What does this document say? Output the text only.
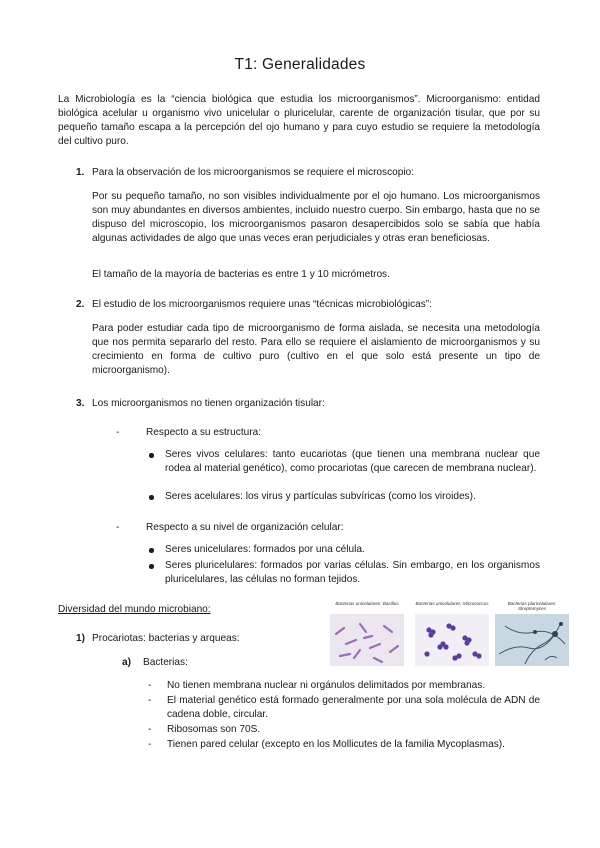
T1: Generalidades

La Microbiología es la “ciencia biológica que estudia los microorganismos”. Microorganismo: entidad biológica acelular u organismo vivo unicelular o pluricelular, carente de organización tisular, que por su pequeño tamaño escapa a la percepción del ojo humano y para cuyo estudio se requiere la metodología del cultivo puro.

1. Para la observación de los microorganismos se requiere el microscopio:

Por su pequeño tamaño, no son visibles individualmente por el ojo humano. Los microorganismos son muy abundantes en diversos ambientes, incluido nuestro cuerpo. Sin embargo, hasta que no se dispuso del microscopio, los microorganismos pasaron desapercibidos solo se sabía que había algunas actividades de algo que unas veces eran perjudiciales y otras eran beneficiosas.

El tamaño de la mayoría de bacterias es entre 1 y 10 micrómetros.

2. El estudio de los microorganismos requiere unas “técnicas microbiológicas”:

Para poder estudiar cada tipo de microorganismo de forma aislada, se necesita una metodología que nos permita separarlo del resto. Para ello se requiere el aislamiento de microorganismos y su crecimiento en forma de cultivo puro (cultivo en el que solo está presente un tipo de microorganismo).

3. Los microorganismos no tienen organización tisular:
-	Respecto a su estructura:

Seres vivos celulares: tanto eucariotas (que tienen una membrana nuclear que rodea al material genético), como procariotas (que carecen de membrana nuclear).

Seres acelulares: los virus y partículas subvíricas (como los viroides).

-	Respecto a su nivel de organización celular:

Seres unicelulares: formados por una célula.

Seres pluricelulares: formados por varias células. Sin embargo, en los organismos pluricelulares, las células no forman tejidos.

Diversidad del mundo microbiano:
1) Procariotas: bacterias y arqueas:
a) Bacterias:
- No tienen membrana nuclear ni orgánulos delimitados por membranas.

- El material genético está formado generalmente por una sola molécula de ADN de cadena doble, circular.

- Ribosomas son 70S.

- Tienen pared celular (excepto en los Mollicutes de la familia Mycoplasmas).

Bacterias unicelulares: Bacillus	Bacterias unicelulares: Micrococcus	Bacterias pluricelulares: Streptomyces
